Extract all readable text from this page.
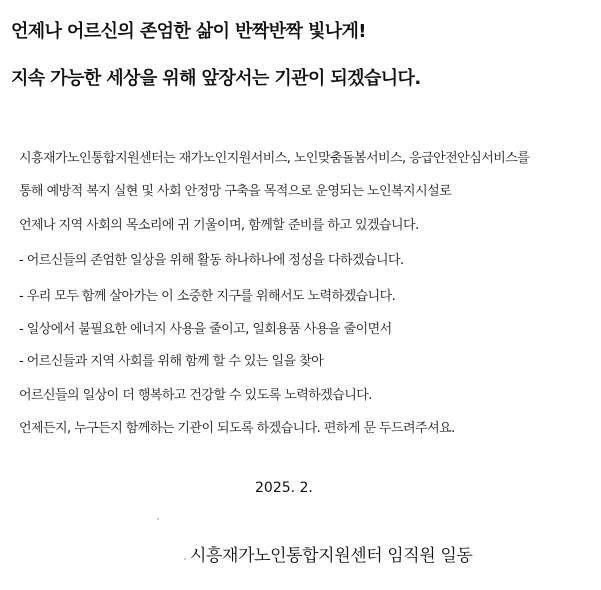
언제나 어르신의 존엄한 삶이 반짝반짝 빛나게!

지속 가능한 세상을 위해 앞장서는 기관이 되겠습니다.

시흥재가노인통합지원센터는 재가노인지원서비스, 노인맞춤돌봄서비스, 응급안전안심서비스를

통해 예방적 복지 실현 및 사회 안정망 구축을 목적으로 운영되는 노인복지시설로

언제나 지역 사회의 목소리에 귀 기울이며, 함께할 준비를 하고 있겠습니다.

- 어르신들의 존엄한 일상을 위해 활동 하나하나에 정성을 다하겠습니다.

- 우리 모두 함께 살아가는 이 소중한 지구를 위해서도 노력하겠습니다.

- 일상에서 불필요한 에너지 사용을 줄이고, 일회용품 사용을 줄이면서

- 어르신들과 지역 사회를 위해 함께 할 수 있는 일을 찾아

어르신들의 일상이 더 행복하고 건강할 수 있도록 노력하겠습니다.

언제든지, 누구든지 함께하는 기관이 되도록 하겠습니다. 편하게 문 두드려주셔요.

2025. 2.

시흥재가노인통합지원센터 임직원 일동
